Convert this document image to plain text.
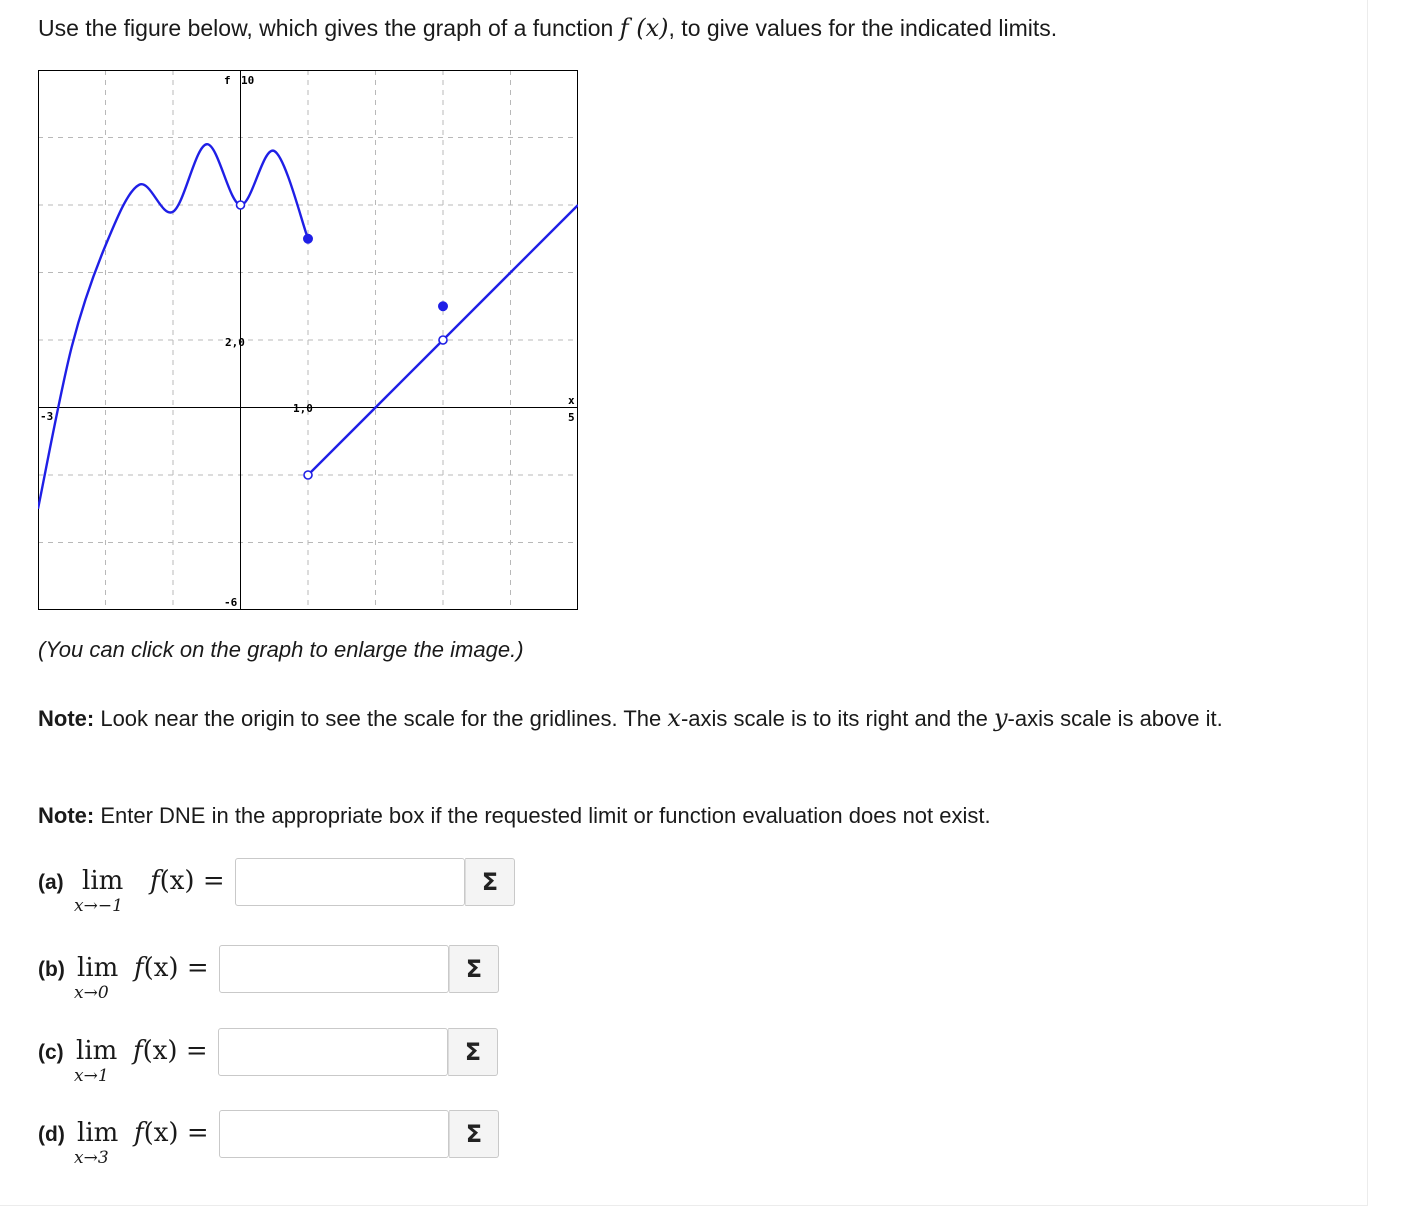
Use the figure below, which gives the graph of a function f (x), to give values for the indicated limits.

f 10
2,0
-6
-3
1,0
x
5

(You can click on the graph to enlarge the image.)

Note: Look near the origin to see the scale for the gridlines. The x-axis scale is to its right and the y-axis scale is above it.

Note: Enter DNE in the appropriate box if the requested limit or function evaluation does not exist.

(a) lim
x→−1
f(x) =	Σ
(b) lim
x→0
f(x) =	Σ
(c) lim
x→1
f(x) =	Σ
(d) lim
x→3
f(x) =	Σ
